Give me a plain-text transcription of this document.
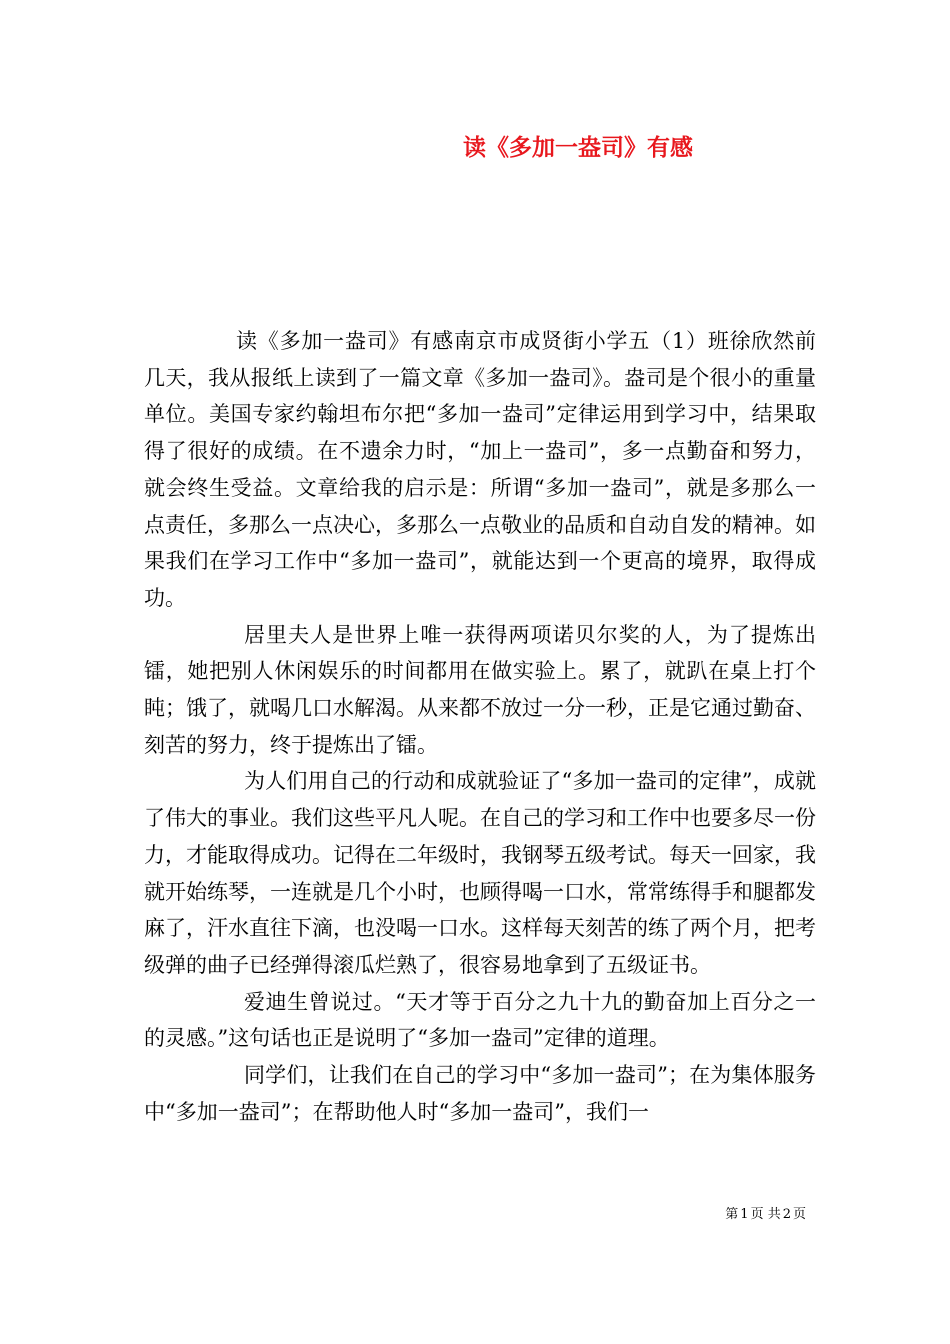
读《多加一盎司》有感

读《多加一盎司》有感南京市成贤街小学五（1）班徐欣然前几天，我从报纸上读到了一篇文章《多加一盎司》。盎司是个很小的重量单位。美国专家约翰坦布尔把“多加一盎司”定律运用到学习中，结果取得了很好的成绩。在不遗余力时，“加上一盎司”，多一点勤奋和努力，就会终生受益。文章给我的启示是：所谓“多加一盎司”，就是多那么一点责任，多那么一点决心，多那么一点敬业的品质和自动自发的精神。如果我们在学习工作中“多加一盎司”，就能达到一个更高的境界，取得成功。

居里夫人是世界上唯一获得两项诺贝尔奖的人，为了提炼出镭，她把别人休闲娱乐的时间都用在做实验上。累了，就趴在桌上打个盹；饿了，就喝几口水解渴。从来都不放过一分一秒，正是它通过勤奋、刻苦的努力，终于提炼出了镭。

为人们用自己的行动和成就验证了“多加一盎司的定律”，成就了伟大的事业。我们这些平凡人呢。在自己的学习和工作中也要多尽一份力，才能取得成功。记得在二年级时，我钢琴五级考试。每天一回家，我就开始练琴，一连就是几个小时，也顾得喝一口水，常常练得手和腿都发麻了，汗水直往下滴，也没喝一口水。这样每天刻苦的练了两个月，把考级弹的曲子已经弹得滚瓜烂熟了，很容易地拿到了五级证书。

爱迪生曾说过。“天才等于百分之九十九的勤奋加上百分之一的灵感。”这句话也正是说明了“多加一盎司”定律的道理。

同学们，让我们在自己的学习中“多加一盎司”；在为集体服务中“多加一盎司”；在帮助他人时“多加一盎司”，我们一

第 1 页 共 2 页
